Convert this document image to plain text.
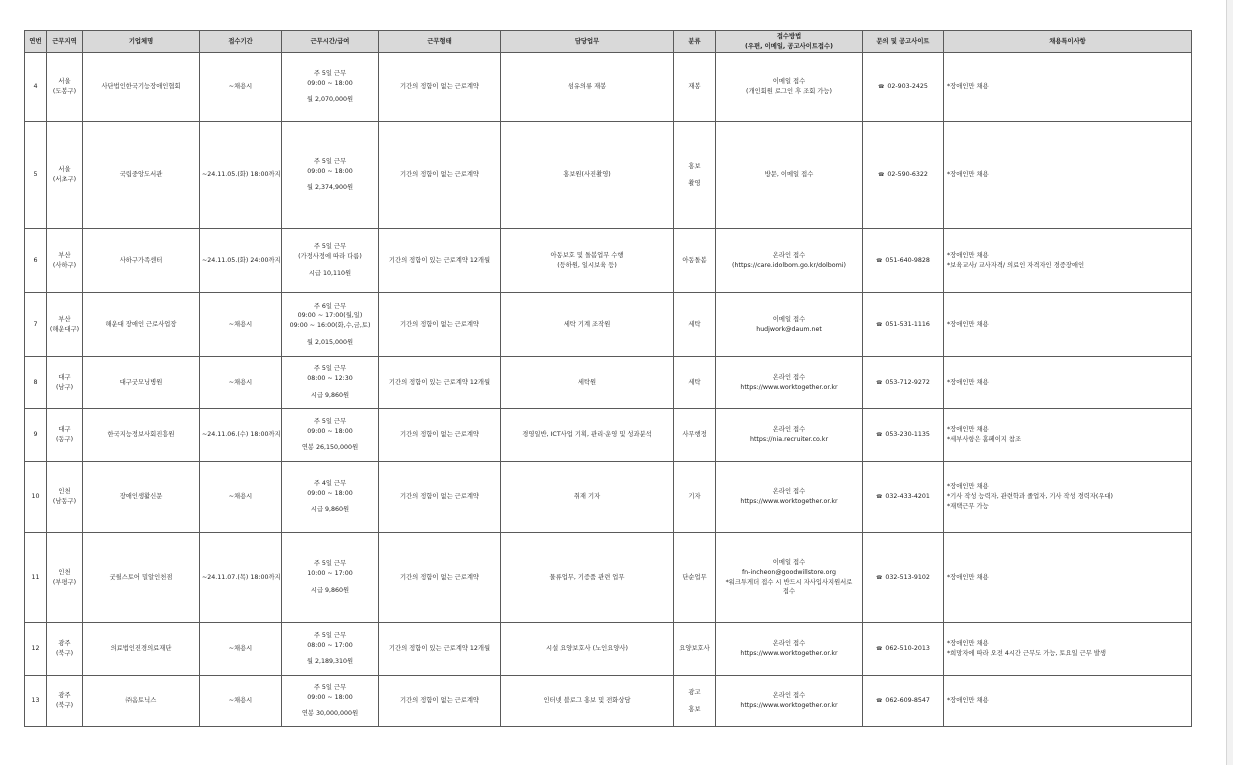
연번	근무지역	기업체명	접수기간	근무시간/급여	근무형태	담당업무	분류	접수방법
(우편, 이메일, 공고사이트접수)	문의 및 공고사이트	채용특이사항

4	서울
(도봉구)	사단법인한국기능장애인협회	~채용시	주 5일 근무
09:00 ~ 18:00
월 2,070,000원	기간의 정함이 없는 근로계약	섬유의류 재봉	재봉	이메일 접수
(개인회원 로그인 후 조회 가능)	☎ 02-903-2425	*장애인만 채용

5	서울
(서초구)	국립중앙도서관	~24.11.05.(화) 18:00까지	주 5일 근무
09:00 ~ 18:00
월 2,374,900원	기간의 정함이 없는 근로계약	홍보원(사진촬영)	홍보
촬영	방문, 이메일 접수	☎ 02-590-6322	*장애인만 채용

6	부산
(사하구)	사하구가족센터	~24.11.05.(화) 24:00까지	주 5일 근무
(가정사정에 따라 다름)
시급 10,110원	기간의 정함이 있는 근로계약 12개월	아동보호 및 돌봄업무 수행
(등하원, 일시보육 등)	아동돌봄	온라인 접수
(https://care.idolbom.go.kr/dolbomi)	☎ 051-640-9828	*장애인만 채용
*보육교사/ 교사자격/ 의료인 자격자인 경증장애인

7	부산
(해운대구)	해운대 장애인 근로사업장	~채용시	주 6일 근무
09:00 ~ 17:00(월,일)
09:00 ~ 16:00(화,수,금,토)
월 2,015,000원	기간의 정함이 없는 근로계약	세탁 기계 조작원	세탁	이메일 접수
hudjwork@daum.net	☎ 051-531-1116	*장애인만 채용

8	대구
(남구)	대구굿모닝병원	~채용시	주 5일 근무
08:00 ~ 12:30
시급 9,860원	기간의 정함이 있는 근로계약 12개월	세탁원	세탁	온라인 접수
https://www.worktogether.or.kr	☎ 053-712-9272	*장애인만 채용

9	대구
(동구)	한국지능정보사회진흥원	~24.11.06.(수) 18:00까지	주 5일 근무
09:00 ~ 18:00
연봉 26,150,000원	기간의 정함이 없는 근로계약	경영일반, ICT사업 기획, 관리·운영 및 성과분석	사무행정	온라인 접수
https://nia.recruiter.co.kr	☎ 053-230-1135	*장애인만 채용
*세부사항은 홈페이지 참조

10	인천
(남동구)	장애인생활신문	~채용시	주 4일 근무
09:00 ~ 18:00
시급 9,860원	기간의 정함이 없는 근로계약	취재 기자	기자	온라인 접수
https://www.worktogether.or.kr	☎ 032-433-4201	*장애인만 채용
*기사 작성 능력자, 관련학과 졸업자, 기사 작성 경력자(우대)
*재택근무 가능

11	인천
(부평구)	굿윌스토어 밀알인천점	~24.11.07.(목) 18:00까지	주 5일 근무
10:00 ~ 17:00
시급 9,860원	기간의 정함이 없는 근로계약	물류업무, 기증품 관련 업무	단순업무	이메일 접수
fn-incheon@goodwillstore.org
*워크투게더 접수 시 반드시 자사입사지원서로
접수	☎ 032-513-9102	*장애인만 채용

12	광주
(북구)	의료법인진경의료재단	~채용시	주 5일 근무
08:00 ~ 17:00
월 2,189,310원	기간의 정함이 있는 근로계약 12개월	시설 요양보호사 (노인요양사)	요양보호사	온라인 접수
https://www.worktogether.or.kr	☎ 062-510-2013	*장애인만 채용
*희망자에 따라 오전 4시간 근무도 가능, 토요일 근무 발생

13	광주
(북구)	㈜옴토닉스	~채용시	주 5일 근무
09:00 ~ 18:00
연봉 30,000,000원	기간의 정함이 없는 근로계약	인터넷 블로그 홍보 및 전화상담	광고
홍보	온라인 접수
https://www.worktogether.or.kr	☎ 062-609-8547	*장애인만 채용
